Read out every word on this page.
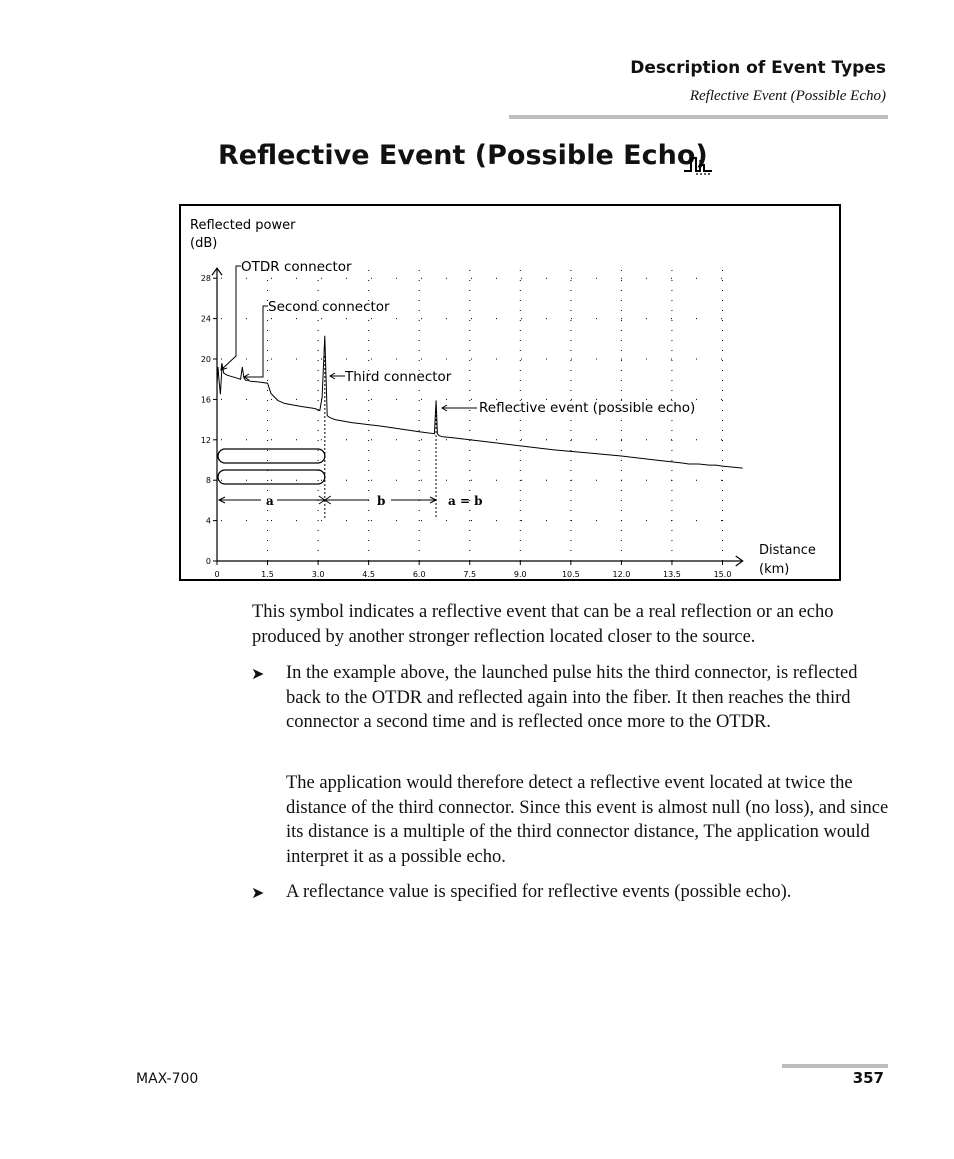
Description of Event Types
Reflective Event (Possible Echo)
Reflective Event (Possible Echo)
0	1.5	3.0	4.5	6.0	7.5	9.0	10.5	12.0	13.5	15.0
0
4
8
12
16
20
24
28
Reflected power
(dB)
Distance
(km)
OTDR connector
Second connector
Third connector
Reflective event (possible echo)
a	b	a = b
This symbol indicates a reflective event that can be a real reflection or an echo produced by another stronger reflection located closer to the source.
➤ In the example above, the launched pulse hits the third connector, is reflected back to the OTDR and reflected again into the fiber. It then reaches the third connector a second time and is reflected once more to the OTDR.
The application would therefore detect a reflective event located at twice the distance of the third connector. Since this event is almost null (no loss), and since its distance is a multiple of the third connector distance, The application would interpret it as a possible echo.
➤ A reflectance value is specified for reflective events (possible echo).
MAX-700	357
